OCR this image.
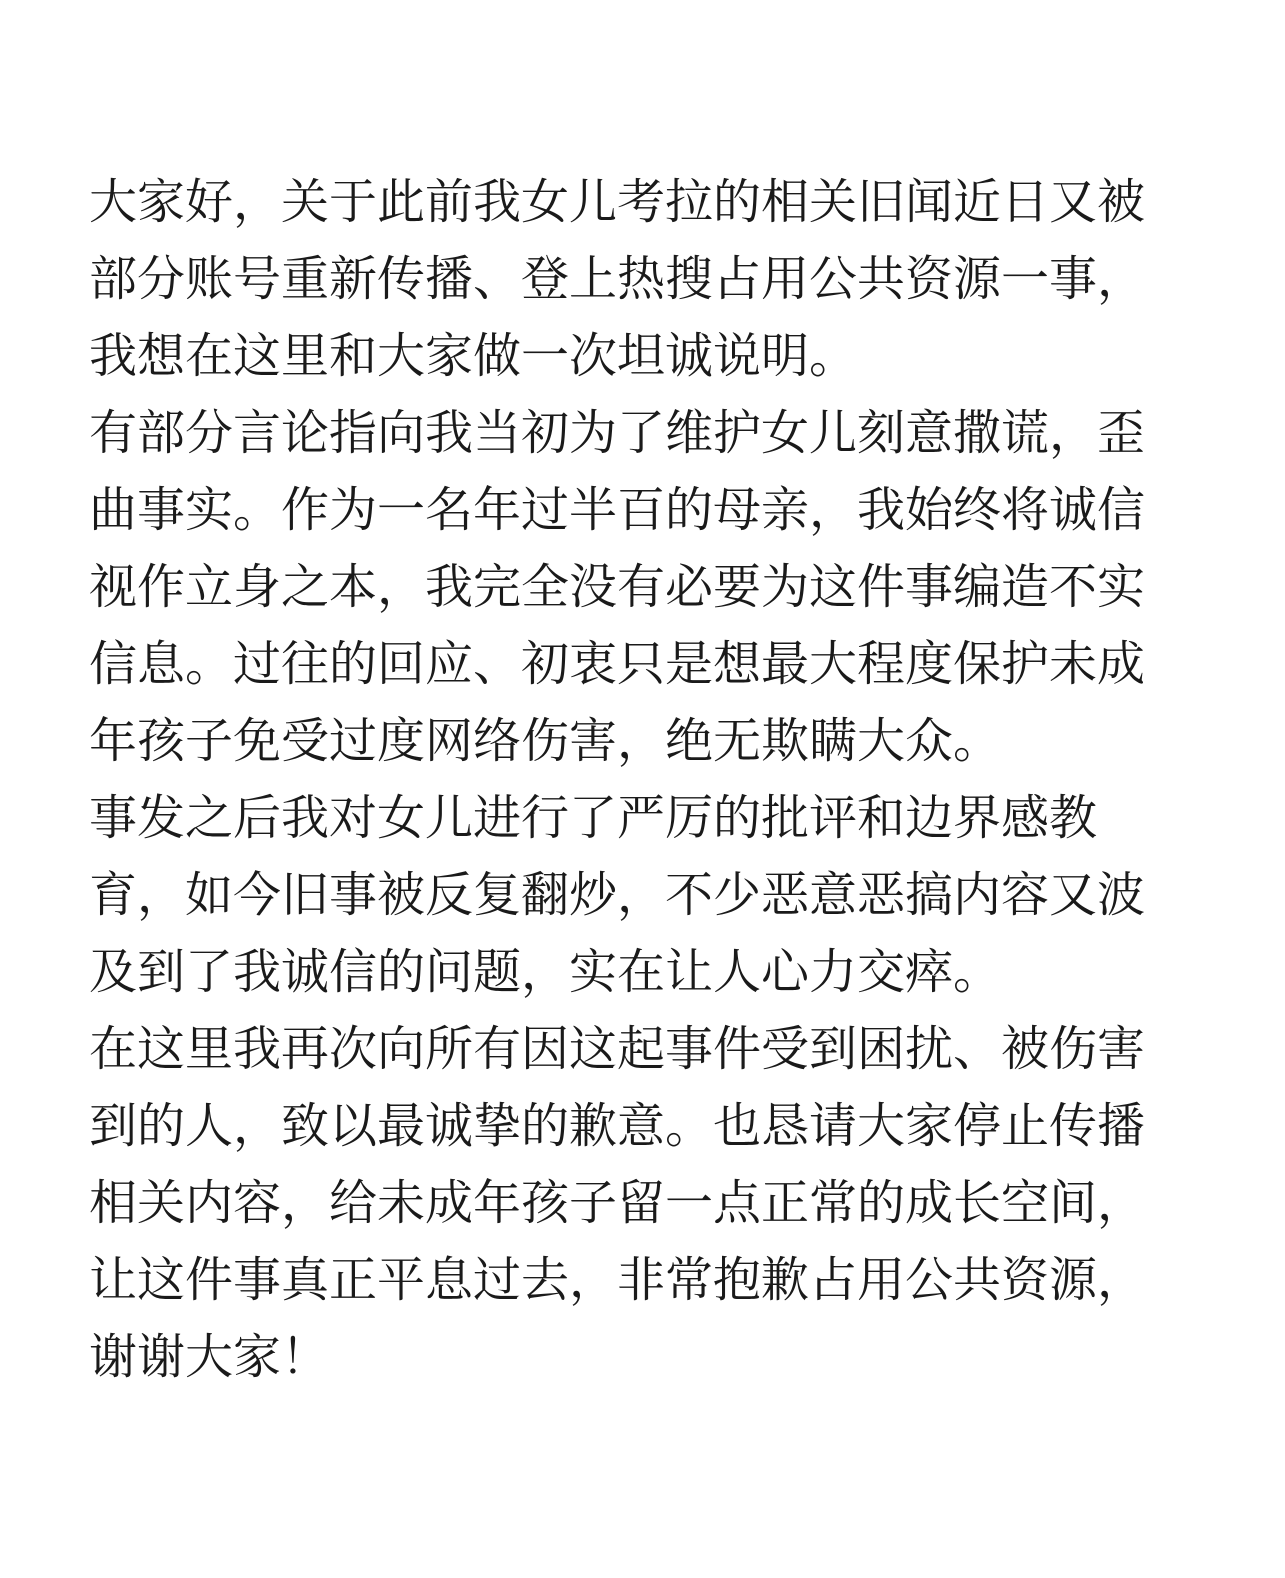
大家好，关于此前我女儿考拉的相关旧闻近日又被
部分账号重新传播、登上热搜占用公共资源一事，
我想在这里和大家做一次坦诚说明。
有部分言论指向我当初为了维护女儿刻意撒谎，歪
曲事实。作为一名年过半百的母亲，我始终将诚信
视作立身之本，我完全没有必要为这件事编造不实
信息。过往的回应、初衷只是想最大程度保护未成
年孩子免受过度网络伤害，绝无欺瞒大众。
事发之后我对女儿进行了严厉的批评和边界感教
育，如今旧事被反复翻炒，不少恶意恶搞内容又波
及到了我诚信的问题，实在让人心力交瘁。
在这里我再次向所有因这起事件受到困扰、被伤害
到的人，致以最诚挚的歉意。也恳请大家停止传播
相关内容，给未成年孩子留一点正常的成长空间，
让这件事真正平息过去，非常抱歉占用公共资源，
谢谢大家！
